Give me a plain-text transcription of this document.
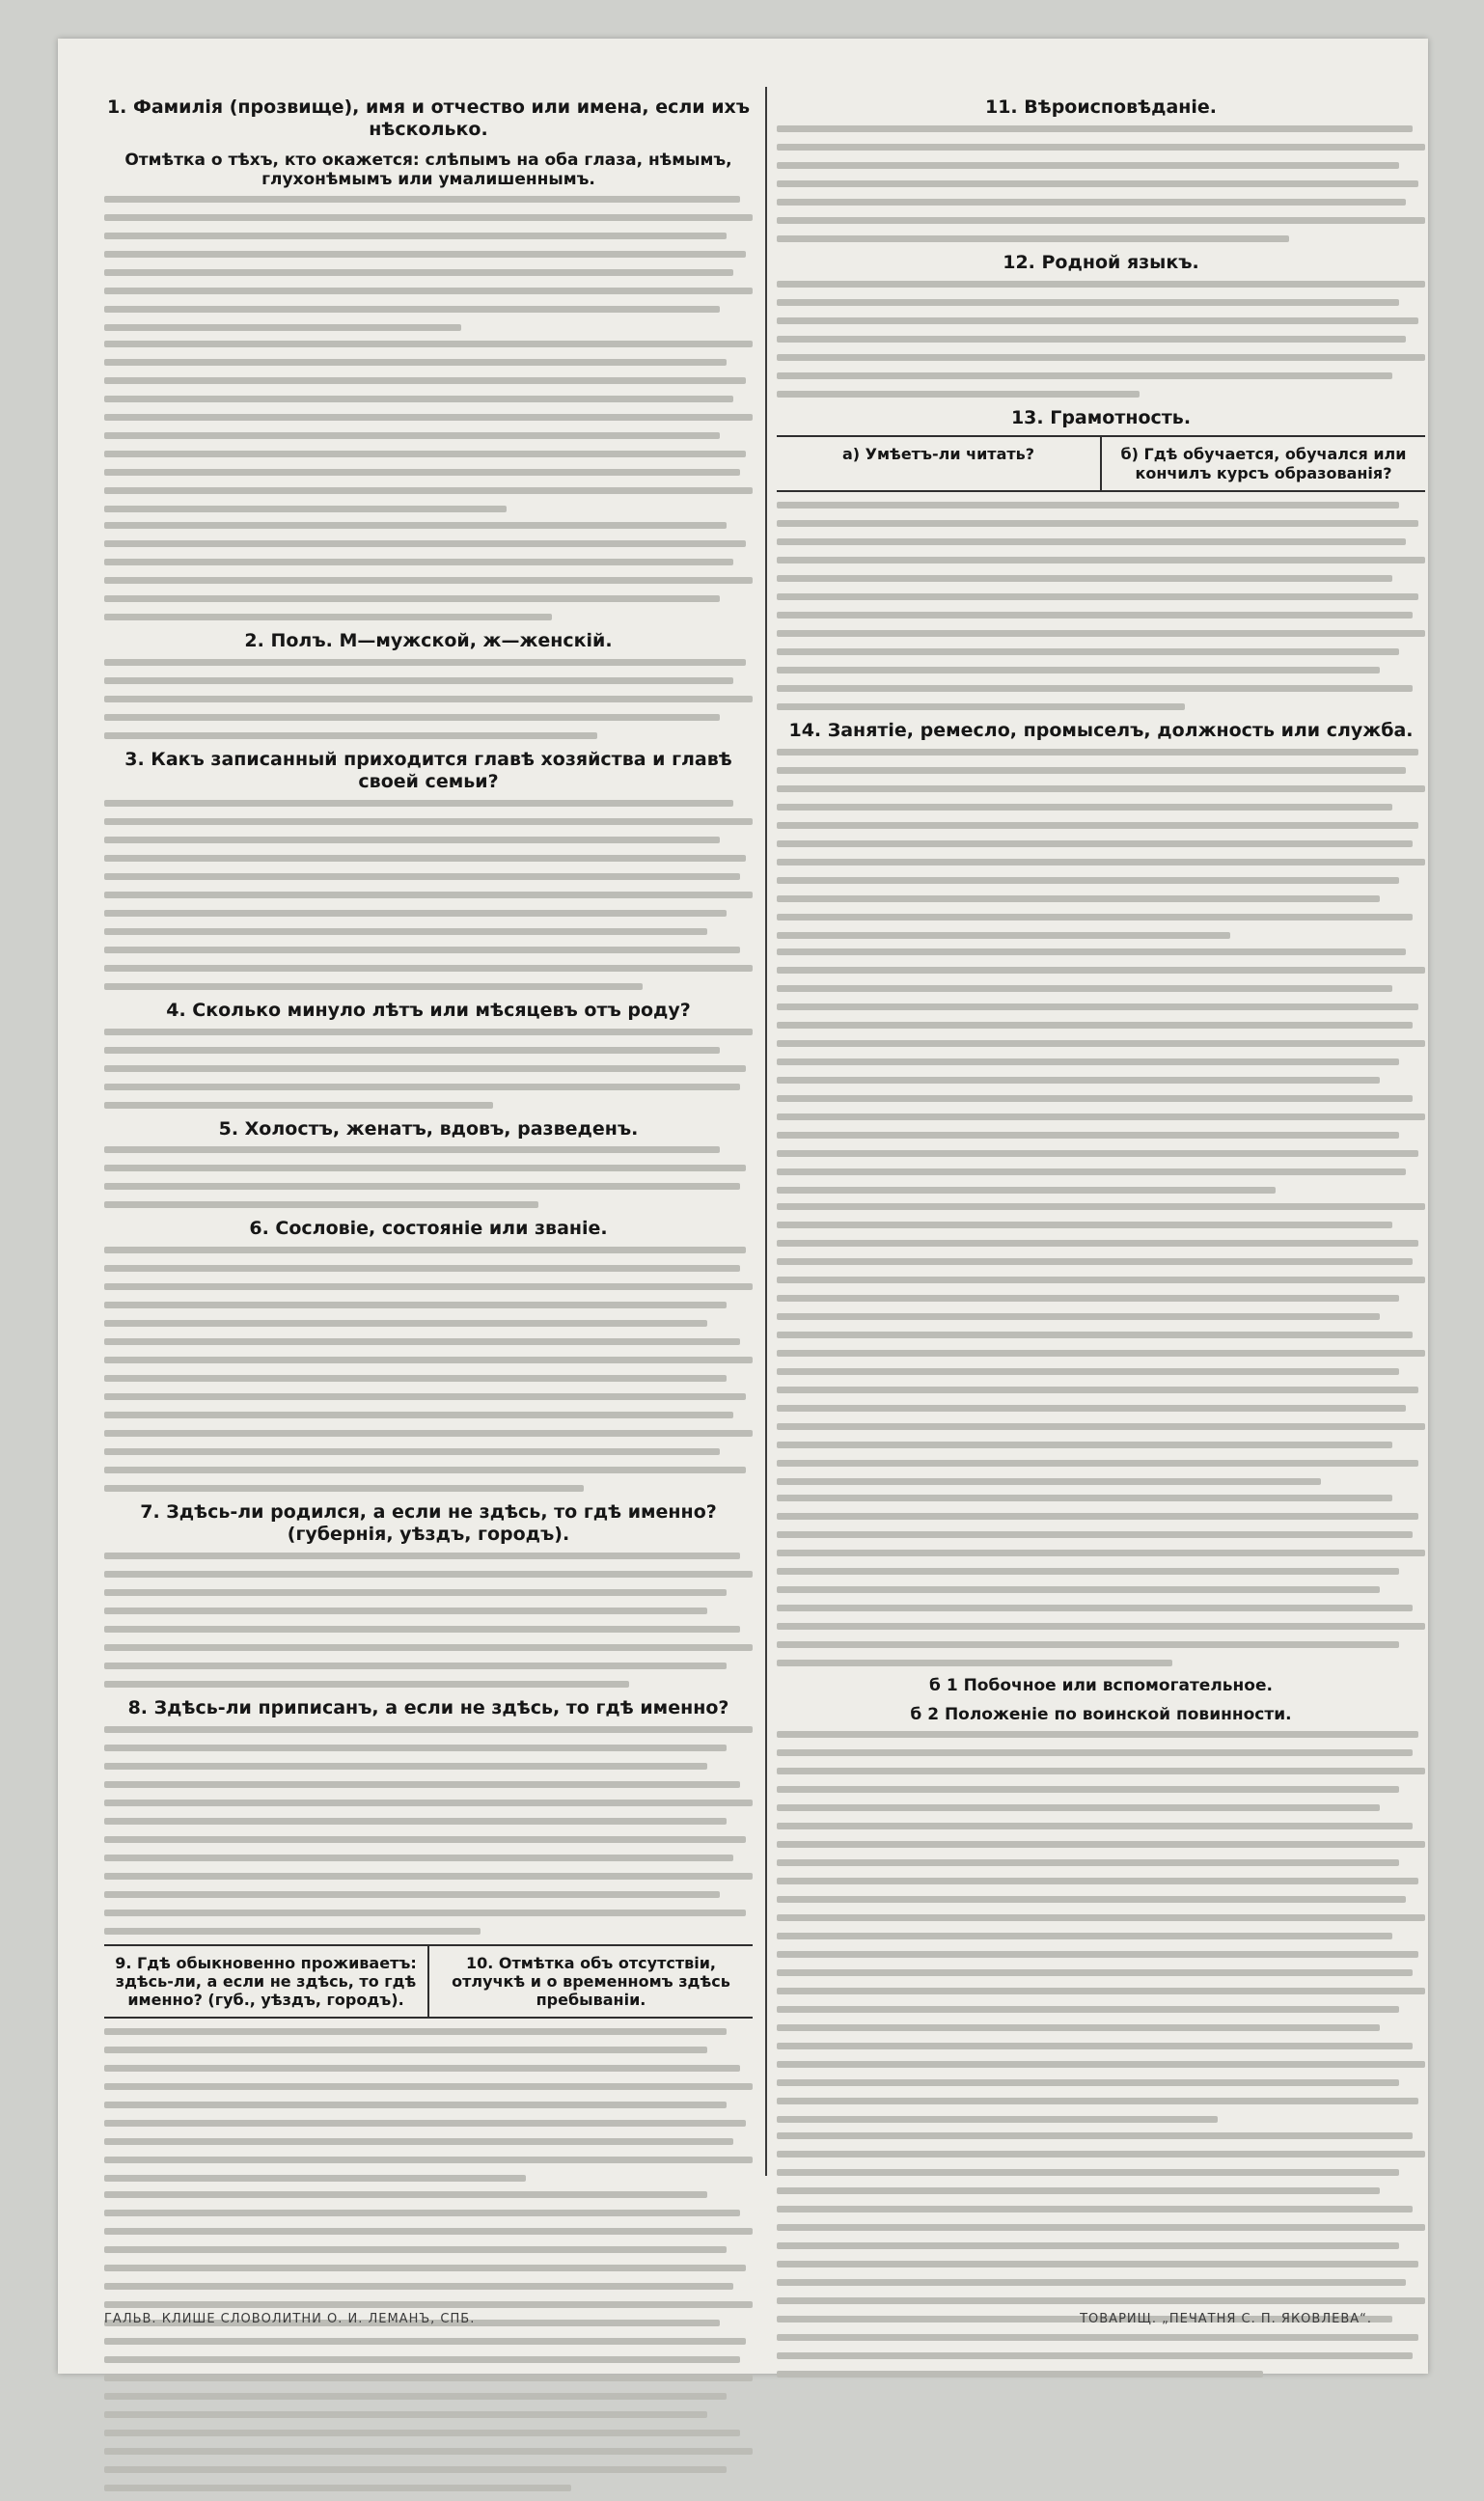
1. Фамилія (прозвище), имя и отчество или имена, если ихъ нѣсколько.
Отмѣтка о тѣхъ, кто окажется: слѣпымъ на оба глаза, нѣмымъ, глухонѣмымъ или умалишеннымъ.
2. Полъ. М—мужской, ж—женскій.
3. Какъ записанный приходится главѣ хозяйства и главѣ своей семьи?
4. Сколько минуло лѣтъ или мѣсяцевъ отъ роду?
5. Холостъ, женатъ, вдовъ, разведенъ.
6. Сословіе, состояніе или званіе.
7. Здѣсь-ли родился, а если не здѣсь, то гдѣ именно? (губернія, уѣздъ, городъ).
8. Здѣсь-ли приписанъ, а если не здѣсь, то гдѣ именно?
9. Гдѣ обыкновенно проживаетъ: здѣсь-ли, а если не здѣсь, то гдѣ именно? (губ., уѣздъ, городъ).
10. Отмѣтка объ отсутствіи, отлучкѣ и о временномъ здѣсь пребываніи.
11. Вѣроисповѣданіе.
12. Родной языкъ.
13. Грамотность.
а) Умѣетъ-ли читать?	б) Гдѣ обучается, обучался или кончилъ курсъ образованія?
14. Занятіе, ремесло, промыселъ, должность или служба.
б 1 Побочное или вспомогательное.
б 2 Положеніе по воинской повинности.
ГАЛЬВ. КЛИШЕ СЛОВОЛИТНИ О. И. ЛЕМАНЪ, СПБ.	ТОВАРИЩ. „ПЕЧАТНЯ С. П. ЯКОВЛЕВА“.
